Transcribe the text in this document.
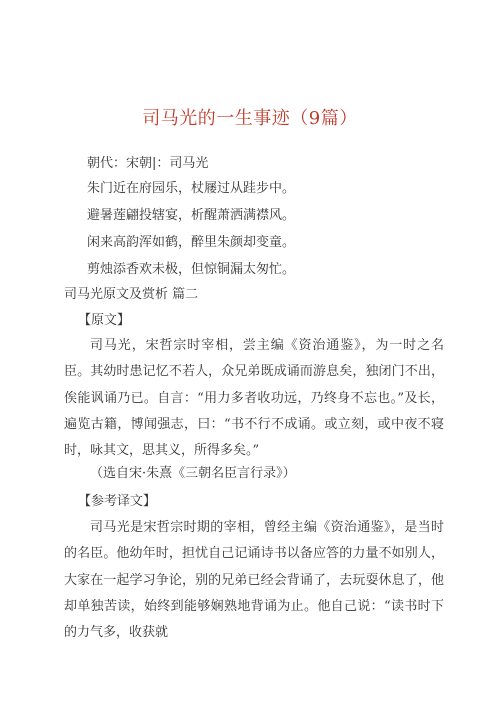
司马光的一生事迹（9篇）
朝代：宋朝|：司马光
朱门近在府园乐，杖屦过从跬步中。
避暑莲翩投辖宴，析醒萧洒满襟风。
闲来高韵浑如鹤，醉里朱颜却变童。
剪烛添香欢未极，但惊铜漏太匆忙。
司马光原文及赏析 篇二
【原文】

司马光，宋哲宗时宰相，尝主编《资治通鉴》，为一时之名臣。其幼时患记忆不若人，众兄弟既成诵而游息矣，独闭门不出，俟能讽诵乃已。自言：“用力多者收功远，乃终身不忘也。”及长，遍览古籍，博闻强志，曰：“书不行不成诵。或立刻，或中夜不寝时，咏其文，思其义，所得多矣。”

（选自宋·朱熹《三朝名臣言行录》）
【参考译文】

司马光是宋哲宗时期的宰相，曾经主编《资治通鉴》，是当时的名臣。他幼年时，担忧自己记诵诗书以备应答的力量不如别人，大家在一起学习争论，别的兄弟已经会背诵了，去玩耍休息了，他却单独苦读，始终到能够娴熟地背诵为止。他自己说：“读书时下的力气多，收获就
